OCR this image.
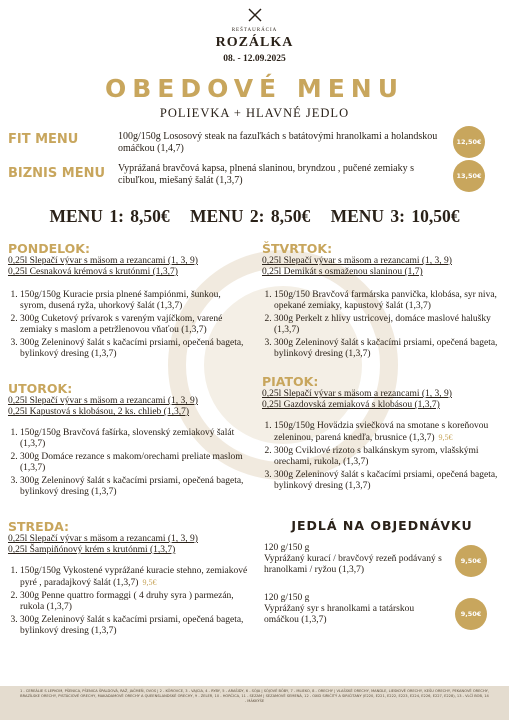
REŠTAURÁCIA
ROZÁLKA
08. - 12.09.2025
OBEDOVÉ MENU
POLIEVKA + HLAVNÉ JEDLO
FIT MENU	100g/150g Lososový steak na fazuľkách s batátovými hranolkami a holandskou omáčkou (1,4,7)
12,50€
BIZNIS MENU Vyprážaná bravčová kapsa, plnená slaninou, bryndzou , pučené zemiaky s cibuľkou, miešaný šalát (1,3,7)	13,50€
MENU 1: 8,50€ MENU 2: 8,50€ MENU 3: 10,50€
PONDELOK:
0,25l Slepačí vývar s mäsom a rezancami (1, 3, 9)
0,25l Cesnaková krémová s krutónmi (1,3,7)
1. 150g/150g Kuracie prsia plnené šampiónmi, šunkou, syrom, dusená ryža, uhorkový šalát (1,3,7)
2. 300g Cuketový prívarok s vareným vajíčkom, varené zemiaky s maslom a petržlenovou vňaťou (1,3,7)
3. 300g Zeleninový šalát s kačacími prsiami, opečená bageta, bylinkový dresing (1,3,7)
UTOROK:
0,25l Slepačí vývar s mäsom a rezancami (1, 3, 9)
0,25l Kapustová s klobásou, 2 ks. chlieb (1,3,7)
1. 150g/150g Bravčová fašírka, slovenský zemiakový šalát (1,3,7)
2. 300g Domáce rezance s makom/orechami preliate maslom (1,3,7)
3. 300g Zeleninový šalát s kačacími prsiami, opečená bageta, bylinkový dresing (1,3,7)
STREDA:
0,25l Slepačí vývar s mäsom a rezancami (1, 3, 9)
0,25l Šampiňónový krém s krutónmi (1,3,7)
1. 150g/150g Vykostené vyprážané kuracie stehno, zemiakové pyré , paradajkový šalát (1,3,7) 9,5€
2. 300g Penne quattro formaggi ( 4 druhy syra ) parmezán, rukola (1,3,7)
3. 300g Zeleninový šalát s kačacími prsiami, opečená bageta, bylinkový dresing (1,3,7)
ŠTVRTOK:
0,25l Slepačí vývar s mäsom a rezancami (1, 3, 9)
0,25l Demikát s osmaženou slaninou (1,7)
1. 150g/150 Bravčová farmárska panvička, klobása, syr niva, opekané zemiaky, kapustový šalát (1,3,7)
2. 300g Perkelt z hlivy ustricovej, domáce maslové halušky (1,3,7)
3. 300g Zeleninový šalát s kačacími prsiami, opečená bageta, bylinkový dresing (1,3,7)
PIATOK:
0,25l Slepačí vývar s mäsom a rezancami (1, 3, 9)
0,25l Gazdovská zemiaková s klobásou (1,3,7)
1. 150g/150g Hovädzia sviečková na smotane s koreňovou zeleninou, parená knedľa, brusnice (1,3,7) 9,5€
2. 300g Cviklové rizoto s balkánskym syrom, vlašskými orechami, rukola, (1,3,7)
3. 300g Zeleninový šalát s kačacími prsiami, opečená bageta, bylinkový dresing (1,3,7)
JEDLÁ NA OBJEDNÁVKU
120 g/150 g
Vyprážaný kurací / bravčový rezeň podávaný s hranolkami / ryžou (1,3,7)
9,50€
120 g/150 g
Vyprážaný syr s hranolkami a tatárskou omáčkou (1,3,7)
9,50€
1 - CEREÁLIE S LEPKOM, PŠENICA, PŠENICA ŠPALDOVÁ, RAŽ, JAČMEŇ, OVOS | 2 - KÔROVCE, 3 - VAJCIA, 4 - RYBY, 5 - ARAŠIDY, 6 - SÓJA | SÓJOVÉ BÔBY, 7 - MLIEKO, 8 - ORECHY | VLAŠSKÉ ORECHY, MANDLE, LIESKOVÉ ORECHY, KEŠU ORECHY, PEKANOVÉ ORECHY, BRAZÍLSKE ORECHY, PISTÁCIOVÉ ORECHY, MAKADAMOVÉ ORECHY A QUEENSLANDSKÉ ORECHY, 9 - ZELER, 10 - HORČICA, 11 - SEZAM | SEZAMOVÉ SEMENÁ, 12 - OXID SIRIČITÝ A SIRIČITANY (E220, E221, E222, E223, E224, E226, E227, E228), 13 - VLČÍ BOB, 14 - MÄKKÝŠE
